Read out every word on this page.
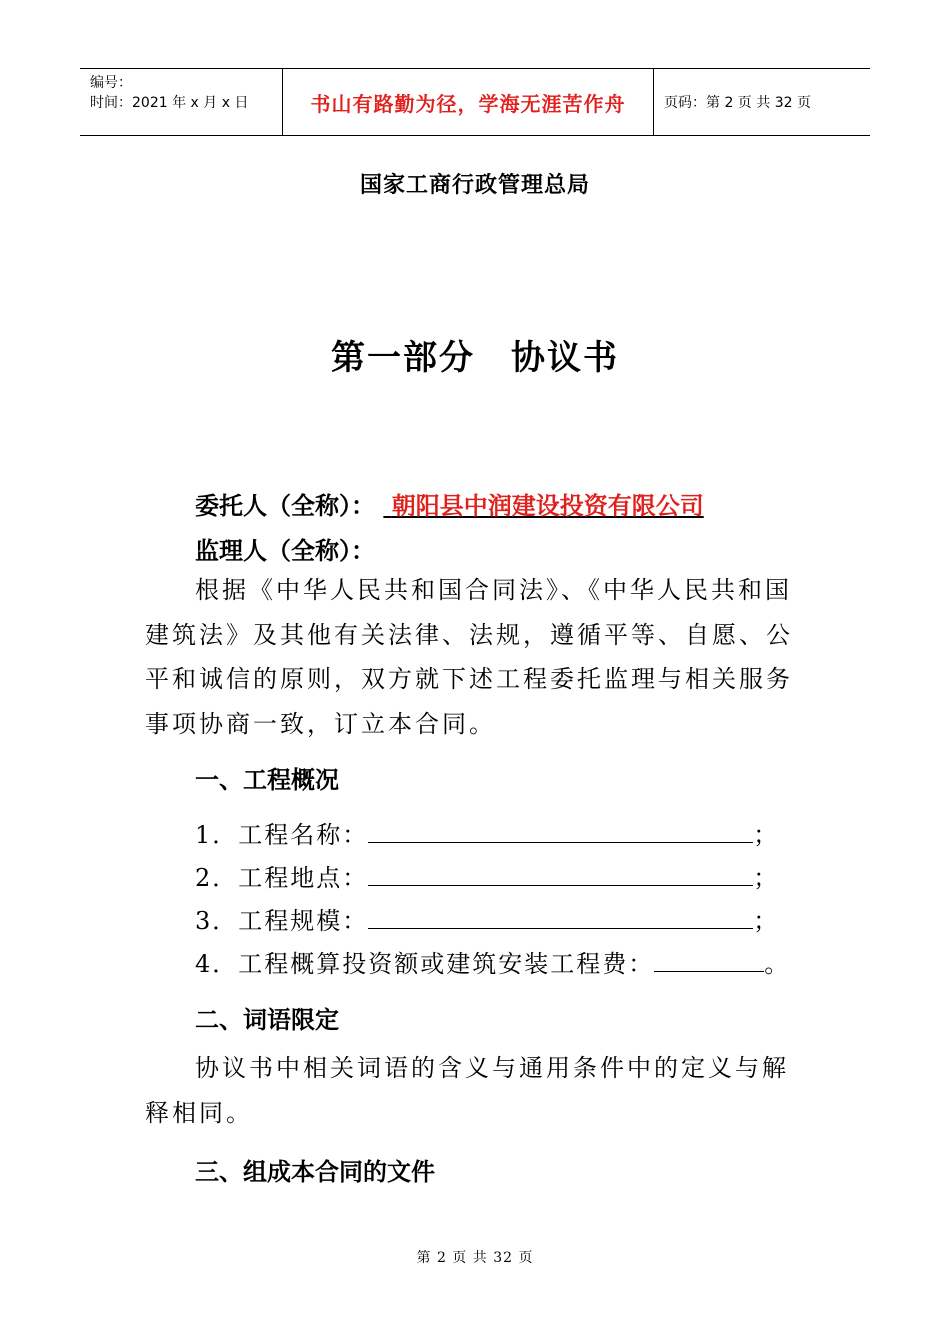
编号：
时间：2021 年 x 月 x 日	书山有路勤为径，学海无涯苦作舟	页码：第 2 页 共 32 页
国家工商行政管理总局
第一部分　协议书
委托人（全称）： 朝阳县中润建设投资有限公司
监理人（全称）：
根据《中华人民共和国合同法》、《中华人民共和国建筑法》及其他有关法律、法规，遵循平等、自愿、公平和诚信的原则，双方就下述工程委托监理与相关服务事项协商一致，订立本合同。
一、工程概况
1．工程名称：	；
2．工程地点：	；
3．工程规模：	；
4．工程概算投资额或建筑安装工程费：	。
二、词语限定
协议书中相关词语的含义与通用条件中的定义与解释相同。
三、组成本合同的文件
第 2 页 共 32 页
